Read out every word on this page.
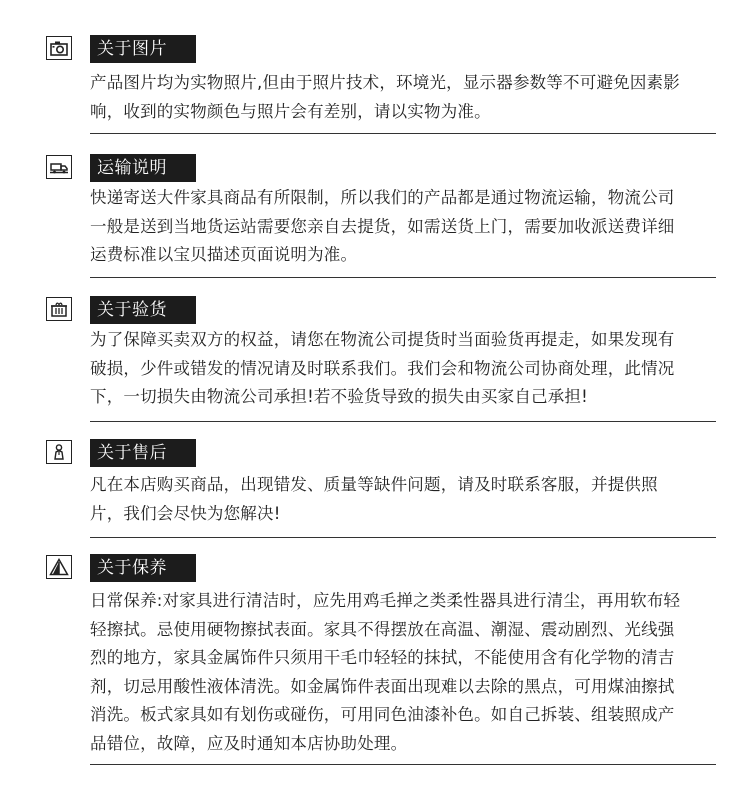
关于图片

产品图片均为实物照片,但由于照片技术，环境光，显示器参数等不可避免因素影响，收到的实物颜色与照片会有差别，请以实物为准。

运输说明

快递寄送大件家具商品有所限制，所以我们的产品都是通过物流运输，物流公司一般是送到当地货运站需要您亲自去提货，如需送货上门，需要加收派送费详细运费标准以宝贝描述页面说明为准。

关于验货

为了保障买卖双方的权益，请您在物流公司提货时当面验货再提走，如果发现有破损，少件或错发的情况请及时联系我们。我们会和物流公司协商处理，此情况下，一切损失由物流公司承担!若不验货导致的损失由买家自己承担!

关于售后

凡在本店购买商品，出现错发、质量等缺件问题，请及时联系客服，并提供照片，我们会尽快为您解决!

关于保养

日常保养:对家具进行清洁时，应先用鸡毛掸之类柔性器具进行清尘，再用软布轻轻擦拭。忌使用硬物擦拭表面。家具不得摆放在高温、潮湿、震动剧烈、光线强烈的地方，家具金属饰件只须用干毛巾轻轻的抹拭，不能使用含有化学物的清吉剂，切忌用酸性液体清洗。如金属饰件表面出现难以去除的黑点，可用煤油擦拭消洗。板式家具如有划伤或碰伤，可用同色油漆补色。如自己拆装、组装照成产品错位，故障，应及时通知本店协助处理。
